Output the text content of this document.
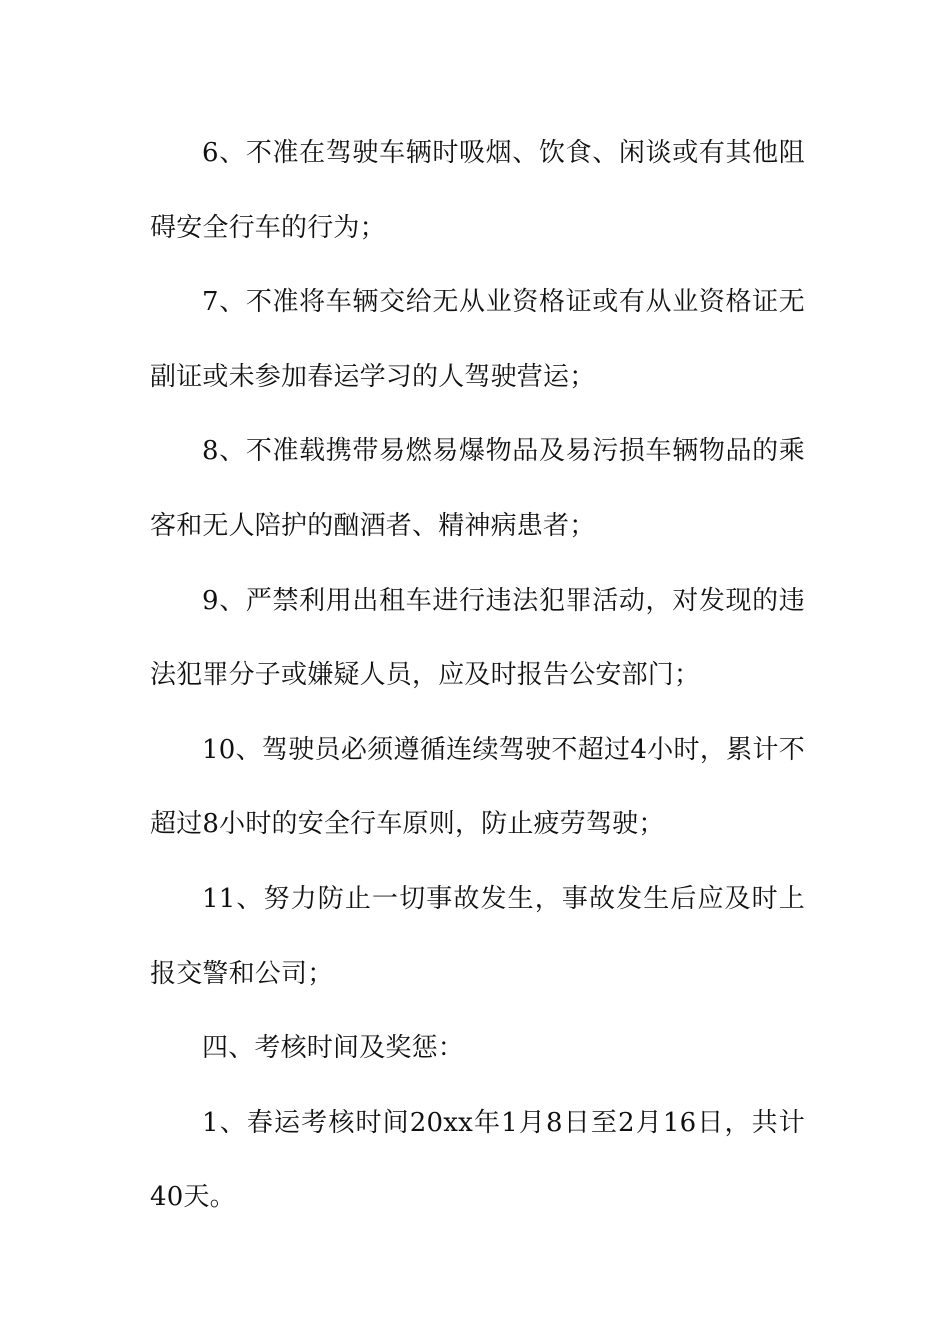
6、不准在驾驶车辆时吸烟、饮食、闲谈或有其他阻碍安全行车的行为；

7、不准将车辆交给无从业资格证或有从业资格证无副证或未参加春运学习的人驾驶营运；

8、不准载携带易燃易爆物品及易污损车辆物品的乘客和无人陪护的酗酒者、精神病患者；

9、严禁利用出租车进行违法犯罪活动，对发现的违法犯罪分子或嫌疑人员，应及时报告公安部门；

10、驾驶员必须遵循连续驾驶不超过4小时，累计不超过8小时的安全行车原则，防止疲劳驾驶；

11、努力防止一切事故发生，事故发生后应及时上报交警和公司；

四、考核时间及奖惩：

1、春运考核时间20xx年1月8日至2月16日，共计40天。
